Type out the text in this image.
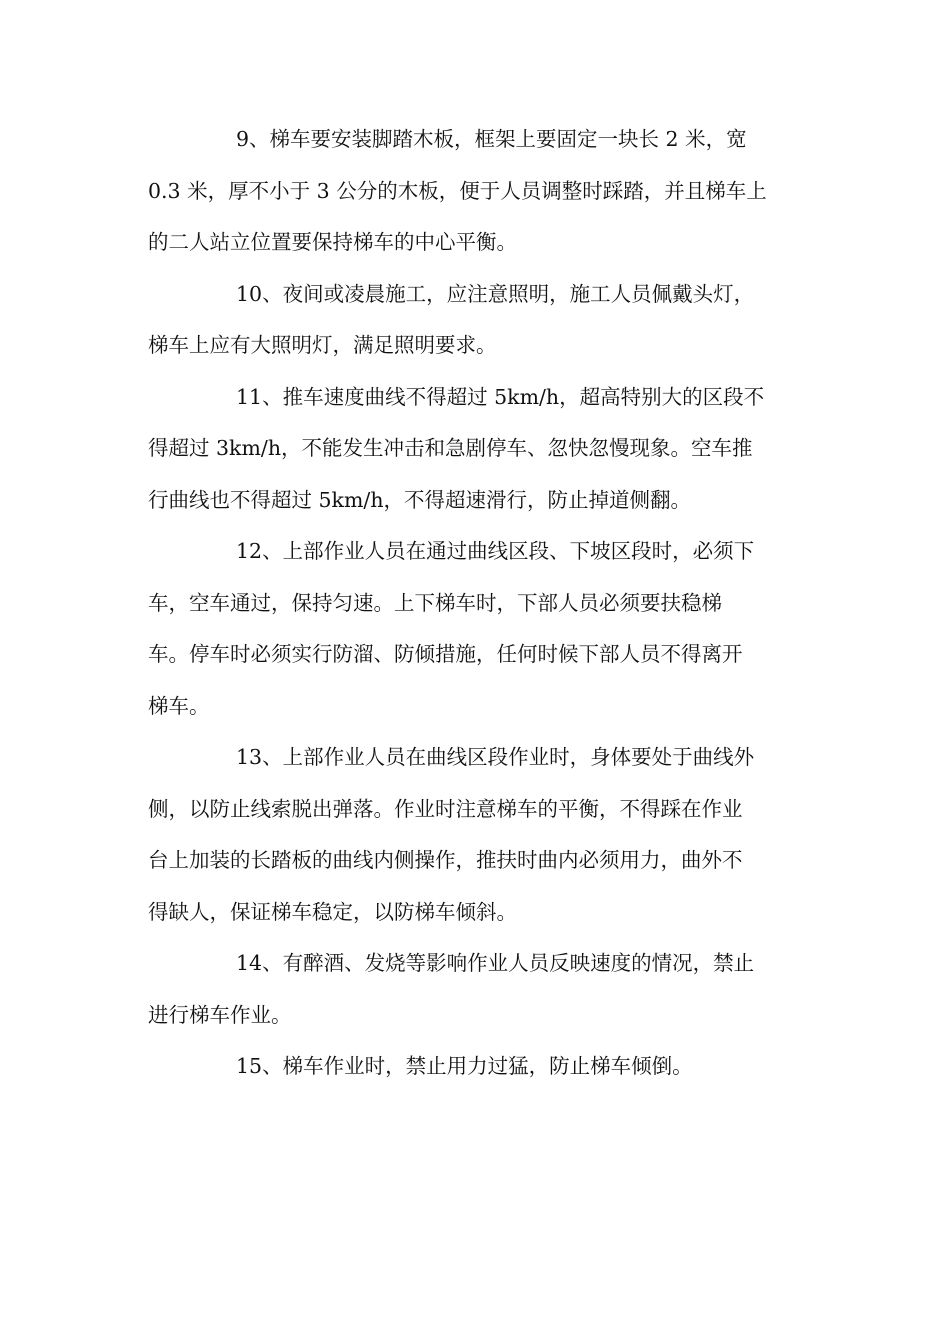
9、梯车要安装脚踏木板，框架上要固定一块长 2 米，宽
0.3 米，厚不小于 3 公分的木板，便于人员调整时踩踏，并且梯车上
的二人站立位置要保持梯车的中心平衡。

10、夜间或凌晨施工，应注意照明，施工人员佩戴头灯，
梯车上应有大照明灯，满足照明要求。

11、推车速度曲线不得超过 5km/h，超高特别大的区段不
得超过 3km/h，不能发生冲击和急剧停车、忽快忽慢现象。空车推
行曲线也不得超过 5km/h，不得超速滑行，防止掉道侧翻。

12、上部作业人员在通过曲线区段、下坡区段时，必须下
车，空车通过，保持匀速。上下梯车时，下部人员必须要扶稳梯
车。停车时必须实行防溜、防倾措施，任何时候下部人员不得离开
梯车。

13、上部作业人员在曲线区段作业时，身体要处于曲线外
侧，以防止线索脱出弹落。作业时注意梯车的平衡，不得踩在作业
台上加装的长踏板的曲线内侧操作，推扶时曲内必须用力，曲外不
得缺人，保证梯车稳定，以防梯车倾斜。

14、有醉酒、发烧等影响作业人员反映速度的情况，禁止
进行梯车作业。

15、梯车作业时，禁止用力过猛，防止梯车倾倒。
